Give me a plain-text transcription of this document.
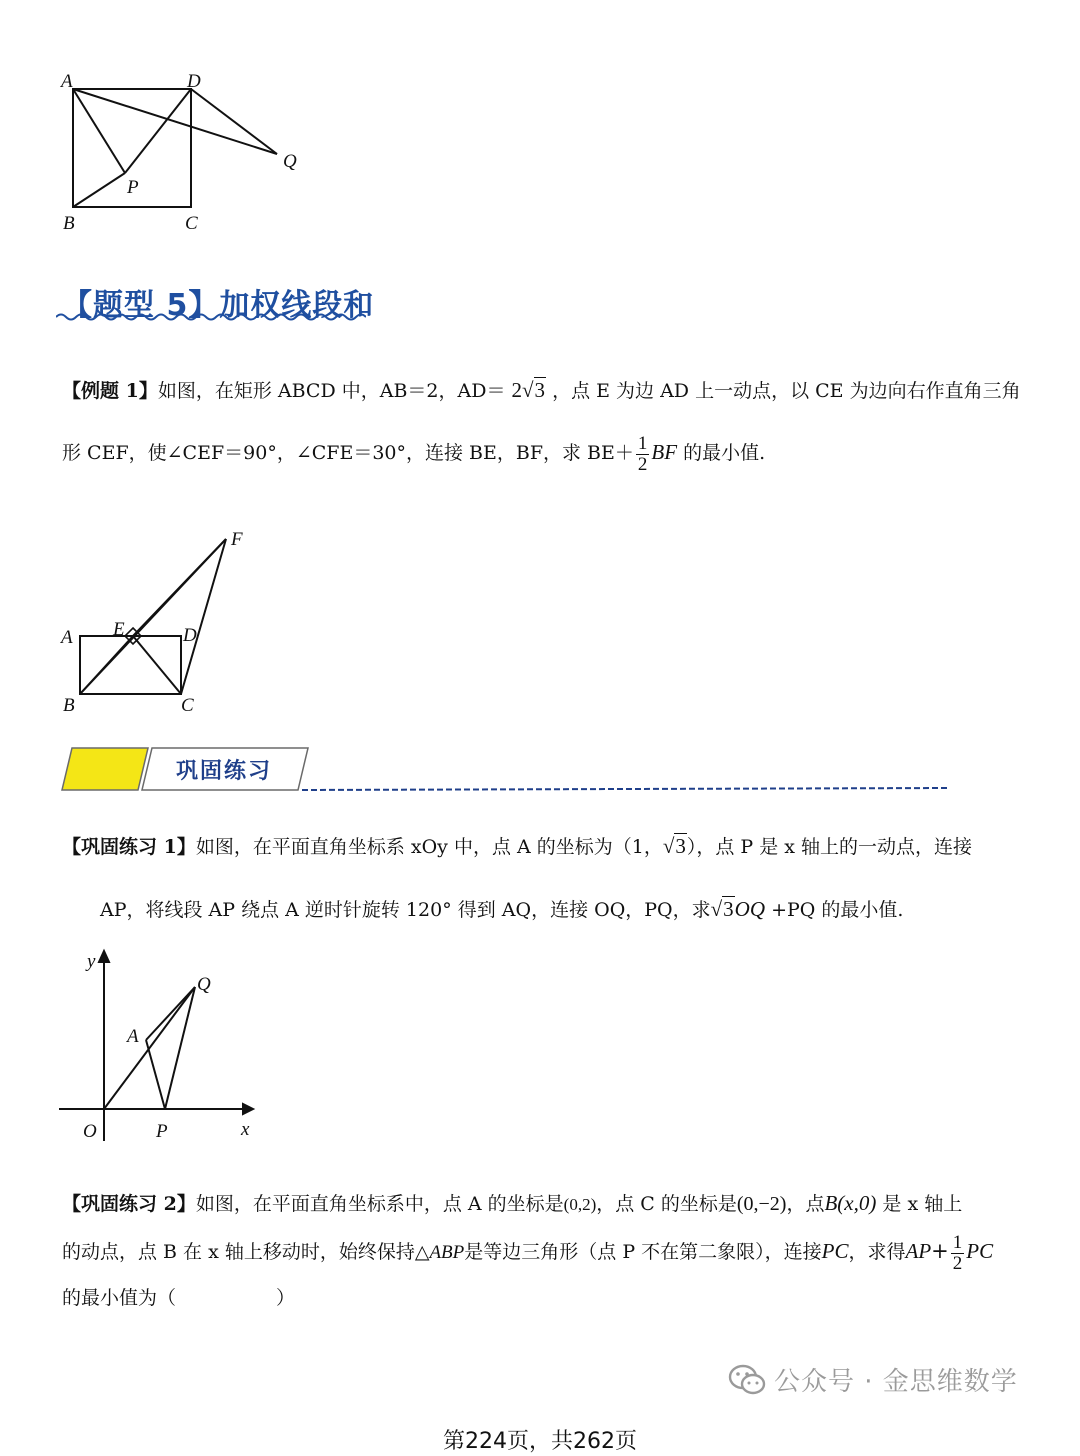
A	D
Q
P
B	C
【题型 5】加权线段和
【例题 1】如图，在矩形 ABCD 中，AB＝2，AD＝ 2√3 ，点 E 为边 AD 上一动点，以 CE 为边向右作直角三角
形 CEF，使∠CEF＝90°，∠CFE＝30°，连接 BE，BF，求 $BE+ \frac{1}{2}$ BF 的最小值.
A E	D
F
B	C
巩固练习
【巩固练习 1】如图，在平面直角坐标系 xOy 中，点 A 的坐标为（1，√3），点 P 是 x 轴上的一动点，连接
AP，将线段 AP 绕点 A 逆时针旋转 120° 得到 AQ，连接 OQ，PQ，求√3OQ +PQ 的最小值.
y
Q
A
O	P	x
【巩固练习 2】如图，在平面直角坐标系中，点 A 的坐标是(0,2)，点 C 的坐标是(0,−2)，点B(x,0) 是 x 轴上
的动点，点 B 在 x 轴上移动时，始终保持△ABP是等边三角形（点 P 不在第二象限），连接PC，求得$AP+ \frac{1}{2}$ PC
的最小值为（	）
公众号 · 金思维数学
第224页，共262页
